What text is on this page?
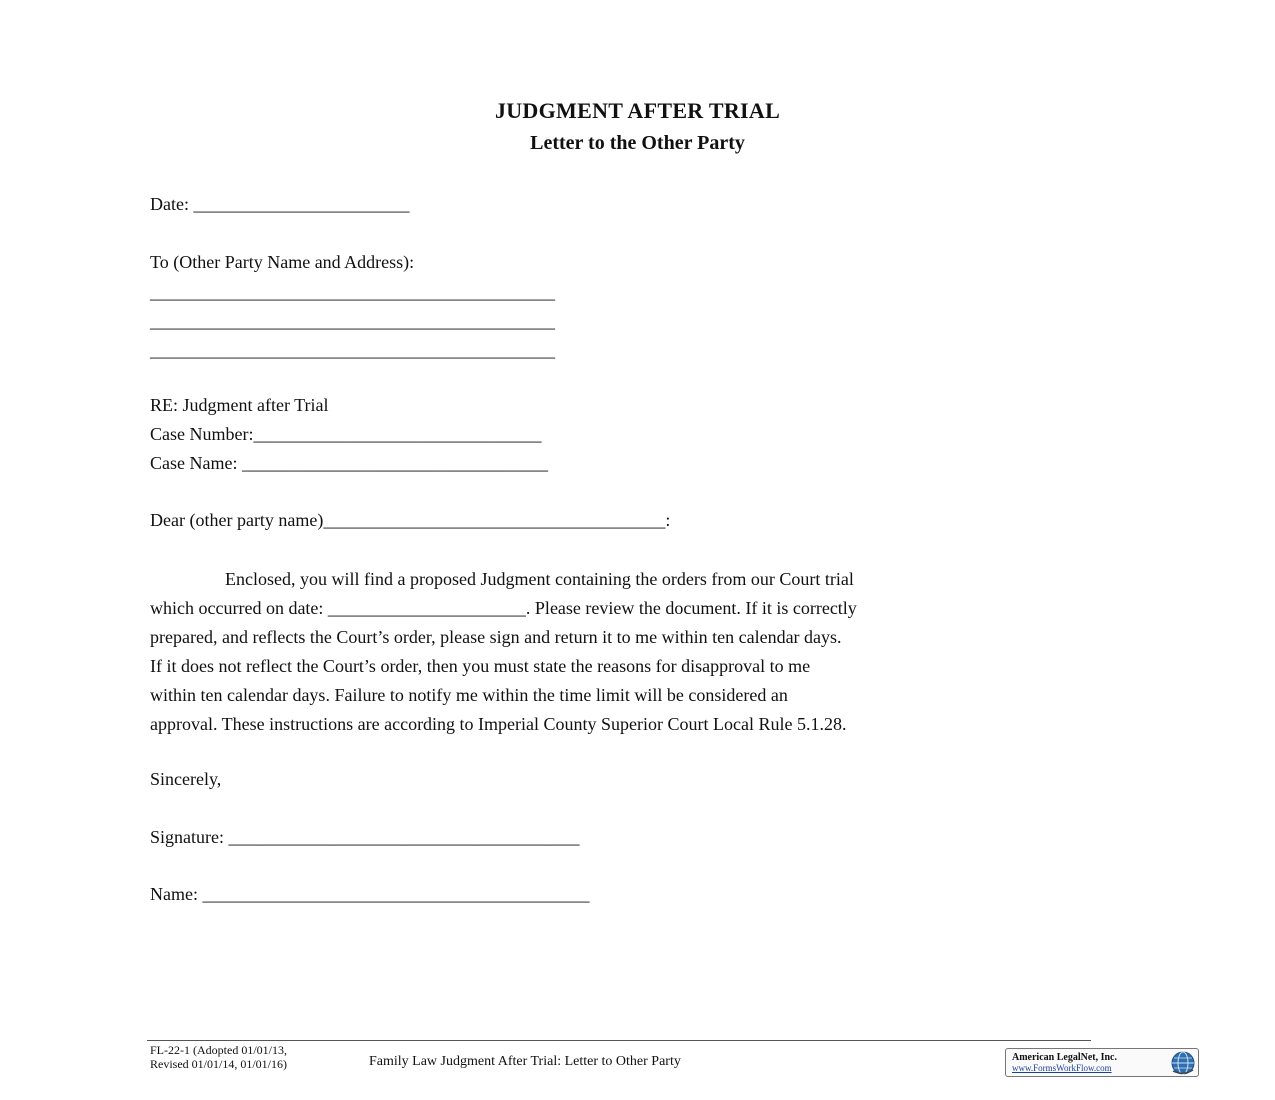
JUDGMENT AFTER TRIAL
Letter to the Other Party
Date: ________________________
To (Other Party Name and Address):
_____________________________________________
_____________________________________________
_____________________________________________
RE: Judgment after Trial
Case Number:________________________________
Case Name: __________________________________
Dear (other party name)______________________________________:

Enclosed, you will find a proposed Judgment containing the orders from our Court trial

which occurred on date: ______________________. Please review the document. If it is correctly

prepared, and reflects the Court’s order, please sign and return it to me within ten calendar days.

If it does not reflect the Court’s order, then you must state the reasons for disapproval to me

within ten calendar days. Failure to notify me within the time limit will be considered an

approval. These instructions are according to Imperial County Superior Court Local Rule 5.1.28.

Sincerely,
Signature: _______________________________________
Name: ___________________________________________
FL-22-1 (Adopted 01/01/13,
Revised 01/01/14, 01/01/16)	Family Law Judgment After Trial: Letter to Other Party	American LegalNet, Inc.
www.FormsWorkFlow.com
